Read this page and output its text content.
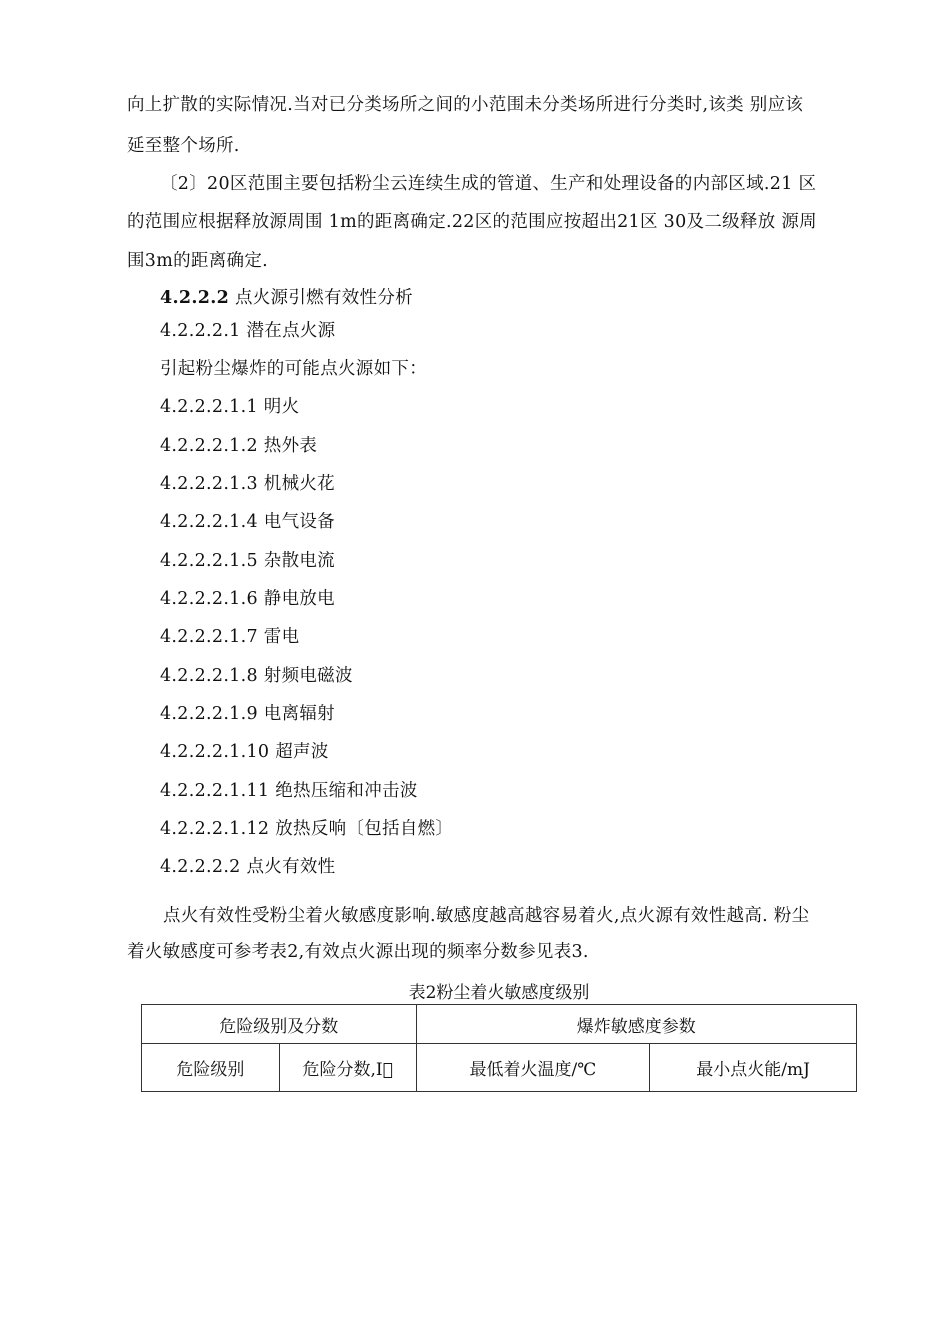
向上扩散的实际情况.当对已分类场所之间的小范围未分类场所进行分类时,该类 别应该
延至整个场所.
〔2〕20区范围主要包括粉尘云连续生成的管道、生产和处理设备的内部区域.21 区
的范围应根据释放源周围 1m的距离确定.22区的范围应按超出21区 30及二级释放 源周
围3m的距离确定.
4.2.2.2 点火源引燃有效性分析
4.2.2.2.1 潜在点火源
引起粉尘爆炸的可能点火源如下：
4.2.2.2.1.1 明火
4.2.2.2.1.2 热外表
4.2.2.2.1.3 机械火花
4.2.2.2.1.4 电气设备
4.2.2.2.1.5 杂散电流
4.2.2.2.1.6 静电放电
4.2.2.2.1.7 雷电
4.2.2.2.1.8 射频电磁波
4.2.2.2.1.9 电离辐射
4.2.2.2.1.10 超声波
4.2.2.2.1.11 绝热压缩和冲击波
4.2.2.2.1.12 放热反响〔包括自燃〕
4.2.2.2.2 点火有效性
点火有效性受粉尘着火敏感度影响.敏感度越高越容易着火,点火源有效性越高. 粉尘
着火敏感度可参考表2,有效点火源出现的频率分数参见表3.
表2粉尘着火敏感度级别
危险级别及分数		爆炸敏感度参数	
危险级别	危险分数,I⃞	最低着火温度/℃	最小点火能/mJ
